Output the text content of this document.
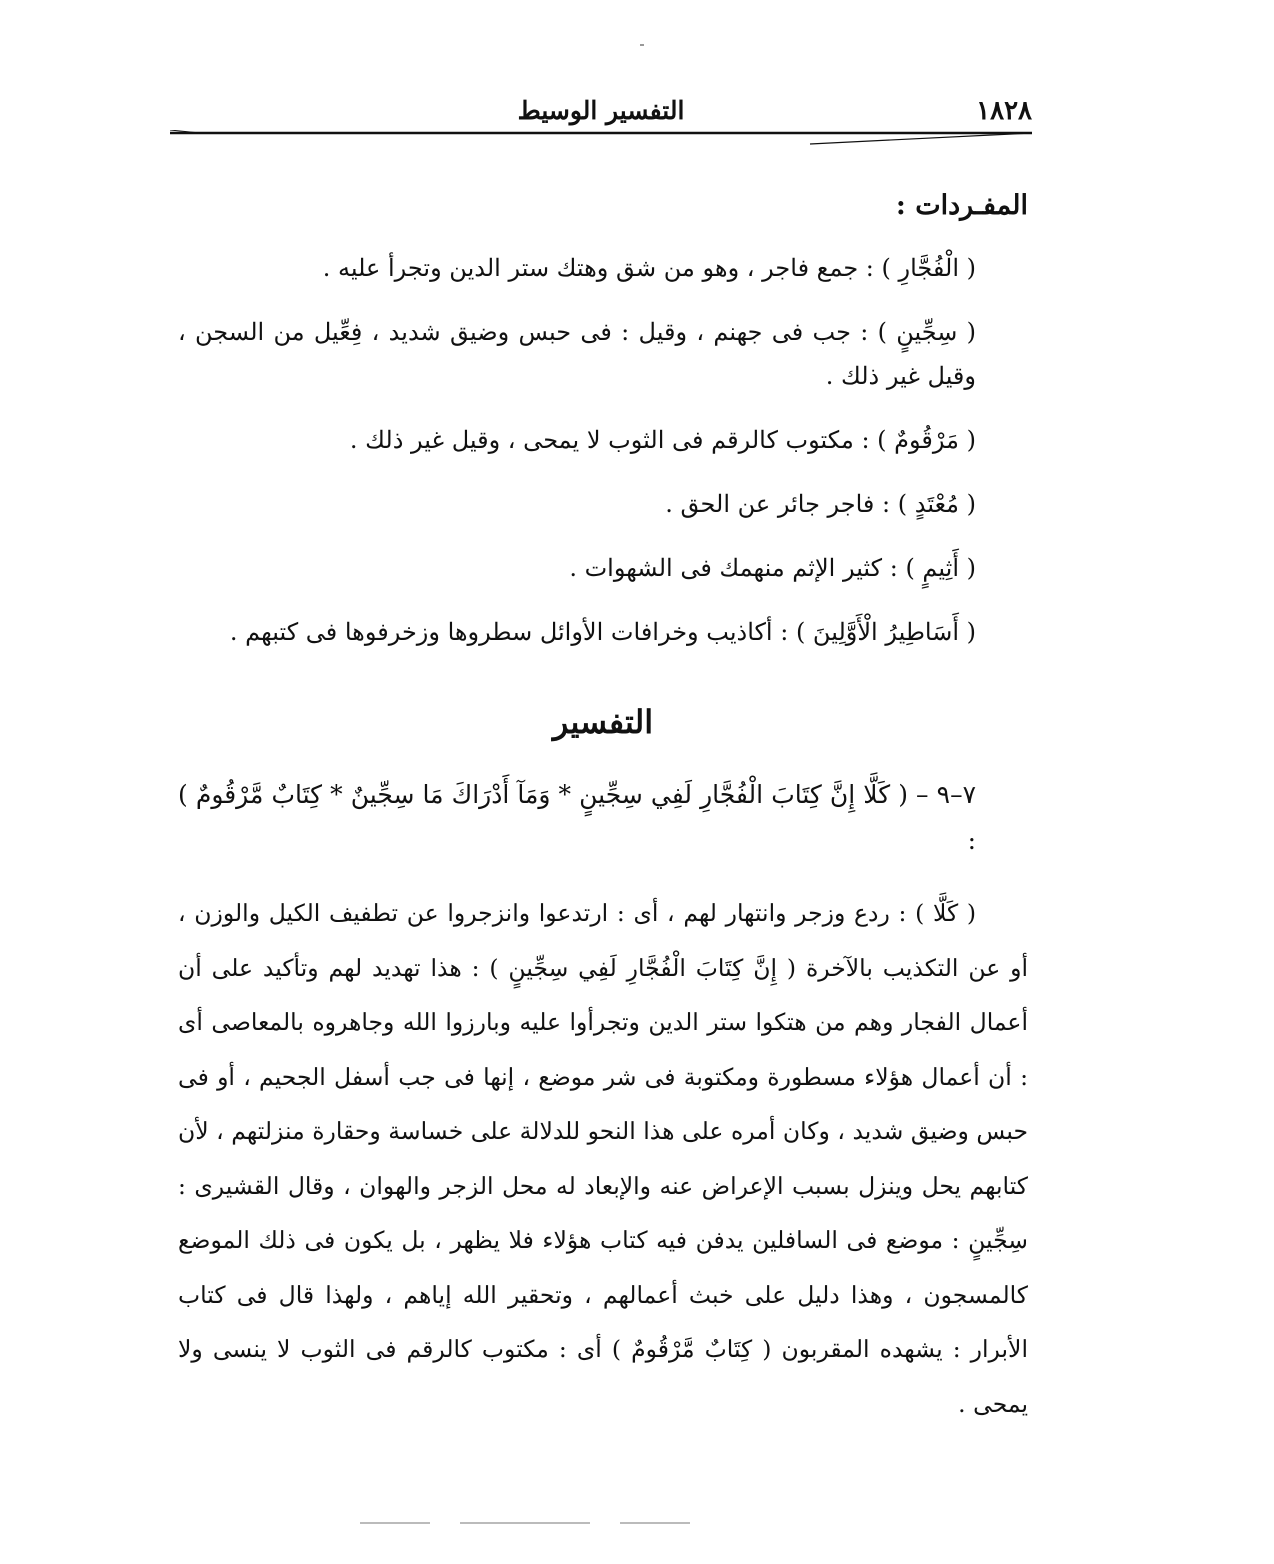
١٨٢٨
التفسير الوسيط
المفـردات :

( الْفُجَّارِ ) : جمع فاجر ، وهو من شق وهتك ستر الدين وتجرأ عليه .

( سِجِّينٍ ) : جب فى جهنم ، وقيل : فى حبس وضيق شديد ، فِعِّيل من السجن ، وقيل غير ذلك .

( مَرْقُومٌ ) : مكتوب كالرقم فى الثوب لا يمحى ، وقيل غير ذلك .

( مُعْتَدٍ ) : فاجر جائر عن الحق .

( أَثِيمٍ ) : كثير الإثم منهمك فى الشهوات .

( أَسَاطِيرُ الْأَوَّلِينَ ) : أكاذيب وخرافات الأوائل سطروها وزخرفوها فى كتبهم .

التفسير

٧–٩ – ( كَلَّا إِنَّ كِتَابَ الْفُجَّارِ لَفِي سِجِّينٍ * وَمَآ أَدْرَاكَ مَا سِجِّينٌ * كِتَابٌ مَّرْقُومٌ ) :

( كَلَّا ) : ردع وزجر وانتهار لهم ، أى : ارتدعوا وانزجروا عن تطفيف الكيل والوزن ، أو عن التكذيب بالآخرة ( إِنَّ كِتَابَ الْفُجَّارِ لَفِي سِجِّينٍ ) : هذا تهديد لهم وتأكيد على أن أعمال الفجار وهم من هتكوا ستر الدين وتجرأوا عليه وبارزوا الله وجاهروه بالمعاصى أى : أن أعمال هؤلاء مسطورة ومكتوبة فى شر موضع ، إنها فى جب أسفل الجحيم ، أو فى حبس وضيق شديد ، وكان أمره على هذا النحو للدلالة على خساسة وحقارة منزلتهم ، لأن كتابهم يحل وينزل بسبب الإعراض عنه والإبعاد له محل الزجر والهوان ، وقال القشيرى : سِجِّينٍ : موضع فى السافلين يدفن فيه كتاب هؤلاء فلا يظهر ، بل يكون فى ذلك الموضع كالمسجون ، وهذا دليل على خبث أعمالهم ، وتحقير الله إياهم ، ولهذا قال فى كتاب الأبرار : يشهده المقربون ( كِتَابٌ مَّرْقُومٌ ) أى : مكتوب كالرقم فى الثوب لا ينسى ولا يمحى .
